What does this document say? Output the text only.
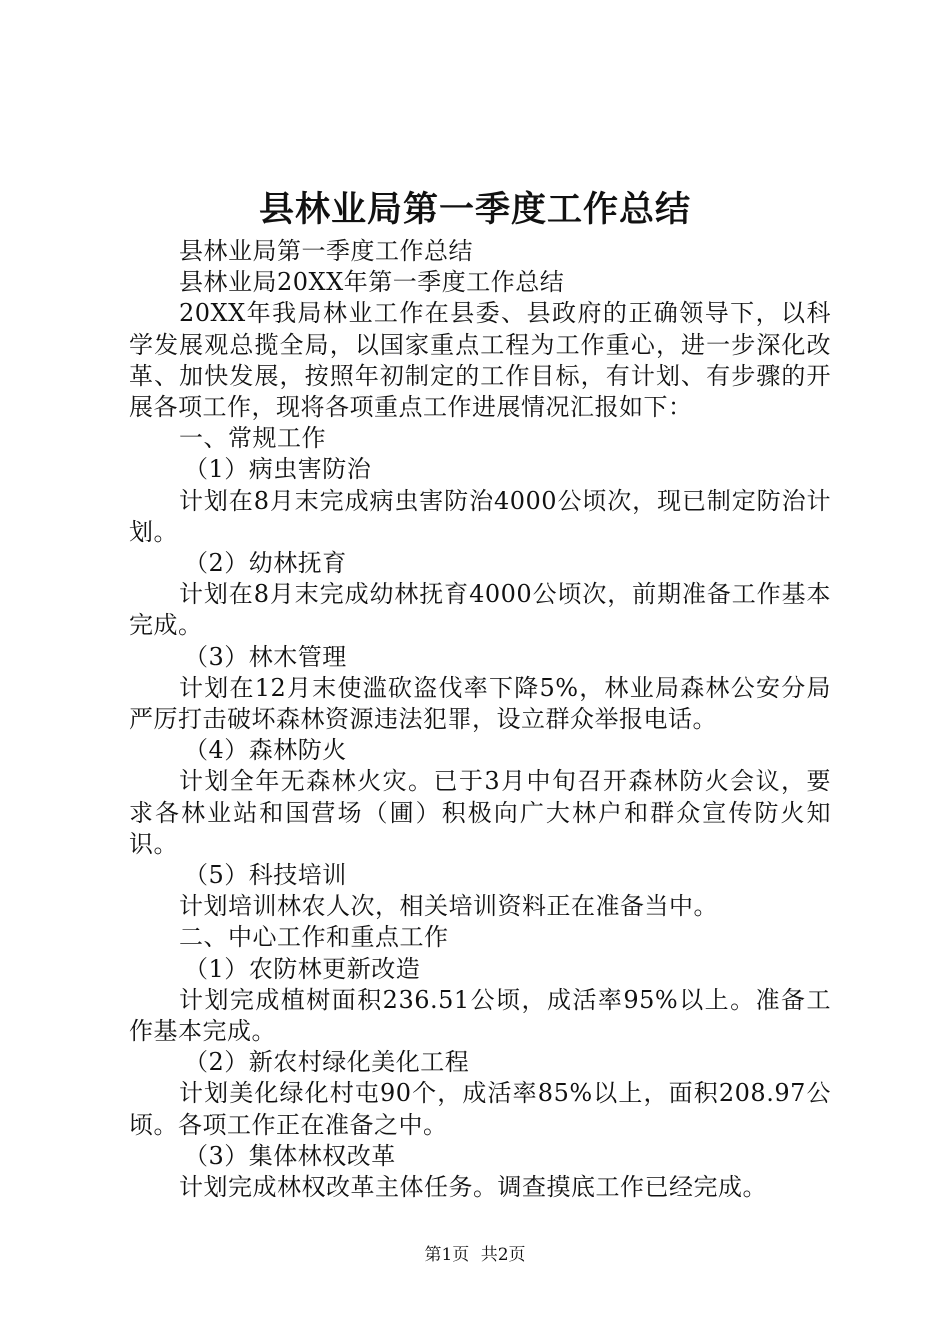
县林业局第一季度工作总结

县林业局第一季度工作总结

县林业局20XX年第一季度工作总结

20XX年我局林业工作在县委、县政府的正确领导下，以科学发展观总揽全局，以国家重点工程为工作重心，进一步深化改革、加快发展，按照年初制定的工作目标，有计划、有步骤的开展各项工作，现将各项重点工作进展情况汇报如下：

一、常规工作

（1）病虫害防治

计划在8月末完成病虫害防治4000公顷次，现已制定防治计划。

（2）幼林抚育

计划在8月末完成幼林抚育4000公顷次，前期准备工作基本完成。

（3）林木管理

计划在12月末使滥砍盗伐率下降5%，林业局森林公安分局严厉打击破坏森林资源违法犯罪，设立群众举报电话。

（4）森林防火

计划全年无森林火灾。已于3月中旬召开森林防火会议，要求各林业站和国营场（圃）积极向广大林户和群众宣传防火知识。

（5）科技培训

计划培训林农人次，相关培训资料正在准备当中。

二、中心工作和重点工作

（1）农防林更新改造

计划完成植树面积236.51公顷，成活率95%以上。准备工作基本完成。

（2）新农村绿化美化工程

计划美化绿化村屯90个，成活率85%以上，面积208.97公顷。各项工作正在准备之中。

（3）集体林权改革

计划完成林权改革主体任务。调查摸底工作已经完成。

第1页 共2页
